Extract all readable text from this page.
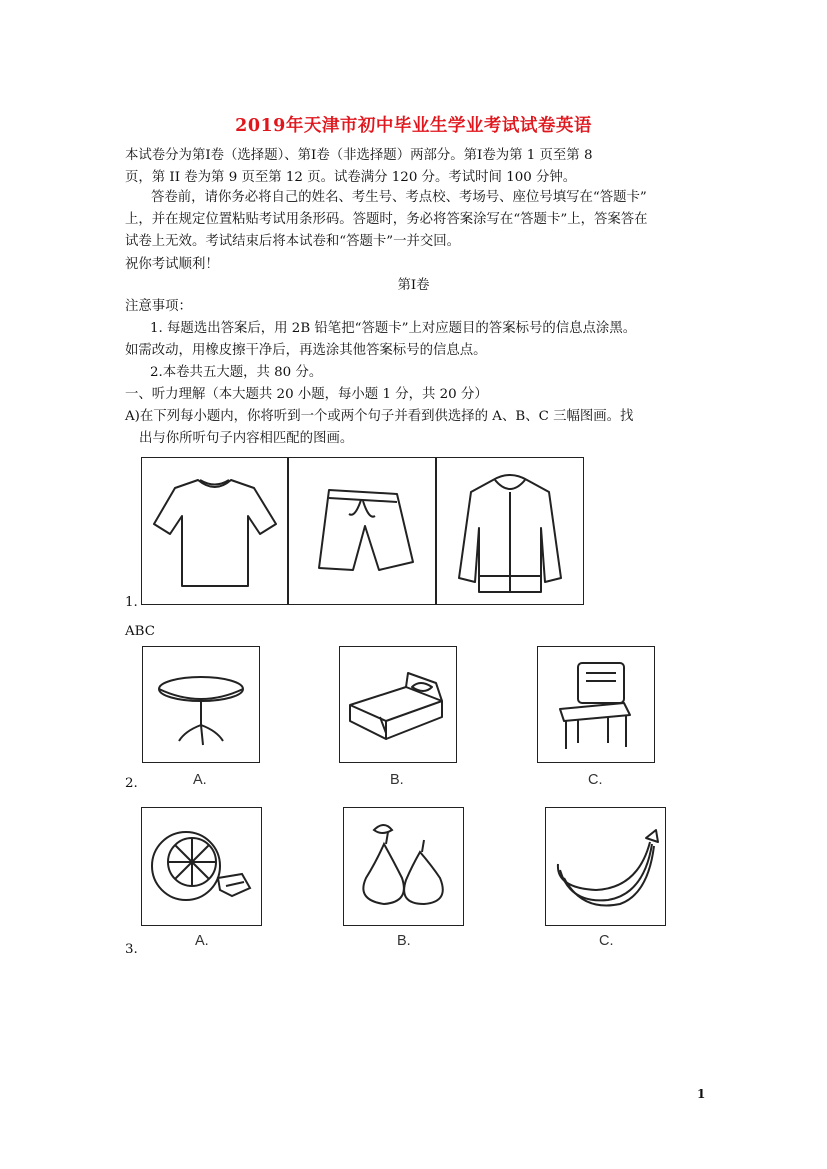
2019年天津市初中毕业生学业考试试卷英语
本试卷分为第Ⅰ卷（选择题）、第Ⅰ卷（非选择题）两部分。第Ⅰ卷为第 1 页至第 8
页，第 II 卷为第 9 页至第 12 页。试卷满分 120 分。考试时间 100 分钟。
答卷前，请你务必将自己的姓名、考生号、考点校、考场号、座位号填写在“答题卡”
上，并在规定位置粘贴考试用条形码。答题时，务必将答案涂写在“答题卡”上，答案答在
试卷上无效。考试结束后将本试卷和“答题卡”一并交回。
祝你考试顺利！
第Ⅰ卷
注意事项：
1. 每题选出答案后，用 2B 铅笔把“答题卡”上对应题目的答案标号的信息点涂黑。
如需改动，用橡皮擦干净后，再选涂其他答案标号的信息点。
2.本卷共五大题，共 80 分。
一、听力理解（本大题共 20 小题，每小题 1 分，共 20 分）
A)在下列每小题内，你将听到一个或两个句子并看到供选择的 A、B、C 三幅图画。找
出与你所听句子内容相匹配的图画。
1.
ABC
2.	A.	B.	C.
3.
A.	B.	C.
1
